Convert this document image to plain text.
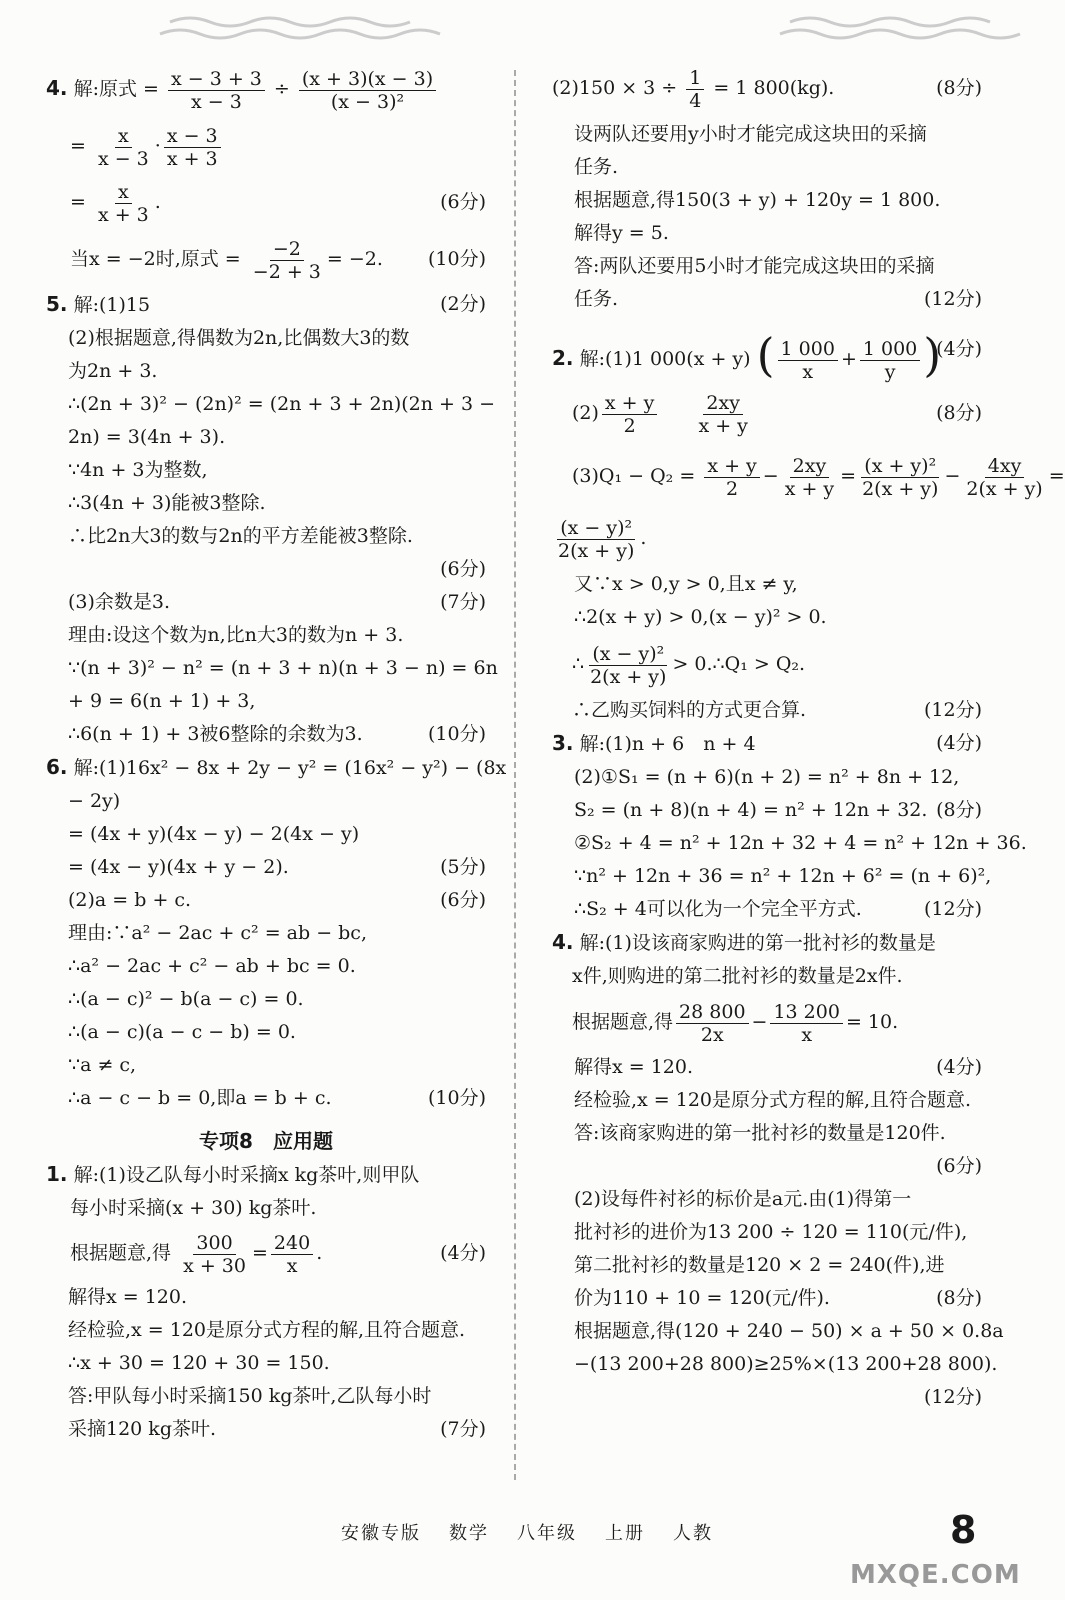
4. 解:原式 = $\frac{x - 3 + 3}{x - 3} \div \frac{(x + 3)(x - 3)}{\text{(x − 3)²}}$
= $\frac{x}{x - 3} \cdot \frac{x - 3}{x + 3}$
= $\frac{x}{x + 3}$ .	(6分)
当x = −2时,原式 = $\frac{-2}{-2 + 3} = -2$. (10分)
5. 解:(1)15	(2分)
(2)根据题意,得偶数为2n,比偶数大3的数
为2n + 3.
∴(2n + 3)² − (2n)² = (2n + 3 + 2n)(2n + 3 −
2n) = 3(4n + 3).
∵4n + 3为整数,
∴3(4n + 3)能被3整除.
∴比2n大3的数与2n的平方差能被3整除.
(6分)
(3)余数是3.	(7分)
理由:设这个数为n,比n大3的数为n + 3.
∵(n + 3)² − n² = (n + 3 + n)(n + 3 − n) = 6n
+ 9 = 6(n + 1) + 3,
∴6(n + 1) + 3被6整除的余数为3.	(10分)
6. 解:(1)16x² − 8x + 2y − y² = (16x² − y²) − (8x
− 2y)
= (4x + y)(4x − y) − 2(4x − y)
= (4x − y)(4x + y − 2).	(5分)
(2)a = b + c.	(6分)
理由:∵a² − 2ac + c² = ab − bc,
∴a² − 2ac + c² − ab + bc = 0.
∴(a − c)² − b(a − c) = 0.
∴(a − c)(a − c − b) = 0.
∵a ≠ c,
∴a − c − b = 0,即a = b + c.	(10分)
专项8　应用题
1. 解:(1)设乙队每小时采摘x kg茶叶,则甲队
每小时采摘(x + 30) kg茶叶.
根据题意,得 $\frac{300}{x + 30} = \frac{240}{x}$ .	(4分)
解得x = 120.
经检验,x = 120是原分式方程的解,且符合题意.
∴x + 30 = 120 + 30 = 150.
答:甲队每小时采摘150 kg茶叶,乙队每小时
采摘120 kg茶叶.	(7分)
$(2)150 \times 3 \div \frac{1}{4} = 1$ 800(kg).	(8分)
设两队还要用y小时才能完成这块田的采摘
任务.
根据题意,得150(3 + y) + 120y = 1 800.
解得y = 5.
答:两队还要用5小时才能完成这块田的采摘
任务.	(12分)
2. 解:(1)1 000(x + y) ( $\frac{1 000}{x} + \frac{1 000}{y}$ )
(4分)
$(2) \frac{x + y}{2}$
$\frac{2xy}{x + y}$	(8分)
$(3)Q_1 - Q_2 = \frac{x + y}{2} - \frac{2xy}{x + y} = \frac{\text{(x + y)²}}{2(x + y)} - \frac{4xy}{2(x + y)}$ =
$\frac{\text{(x − y)²}}{2(x + y)}$ .
又∵x > 0,y > 0,且x ≠ y,
∴2(x + y) > 0,(x − y)² > 0.
∴ $\frac{\text{(x − y)²}}{2(x + y)}$ > 0.∴Q₁ > Q₂.
∴乙购买饲料的方式更合算.	(12分)
3. 解:(1)n + 6　n + 4	(4分)
(2)①S₁ = (n + 6)(n + 2) = n² + 8n + 12,
S₂ = (n + 8)(n + 4) = n² + 12n + 32. (8分)
②S₂ + 4 = n² + 12n + 32 + 4 = n² + 12n + 36.
∵n² + 12n + 36 = n² + 12n + 6² = (n + 6)²,
∴S₂ + 4可以化为一个完全平方式.	(12分)
4. 解:(1)设该商家购进的第一批衬衫的数量是
x件,则购进的第二批衬衫的数量是2x件.
根据题意,得 $\frac{28 800}{2x} - \frac{13 200}{x} = 10$.
解得x = 120.	(4分)
经检验,x = 120是原分式方程的解,且符合题意.
答:该商家购进的第一批衬衫的数量是120件.
(6分)
(2)设每件衬衫的标价是a元.由(1)得第一
批衬衫的进价为13 200 ÷ 120 = 110(元/件),
第二批衬衫的数量是120 × 2 = 240(件),进
价为110 + 10 = 120(元/件).	(8分)
根据题意,得(120 + 240 − 50) × a + 50 × 0.8a
−(13 200+28 800)≥25%×(13 200+28 800).
(12分)
安徽专版 数学 八年级 上册 人教
MXQE.COM
8
